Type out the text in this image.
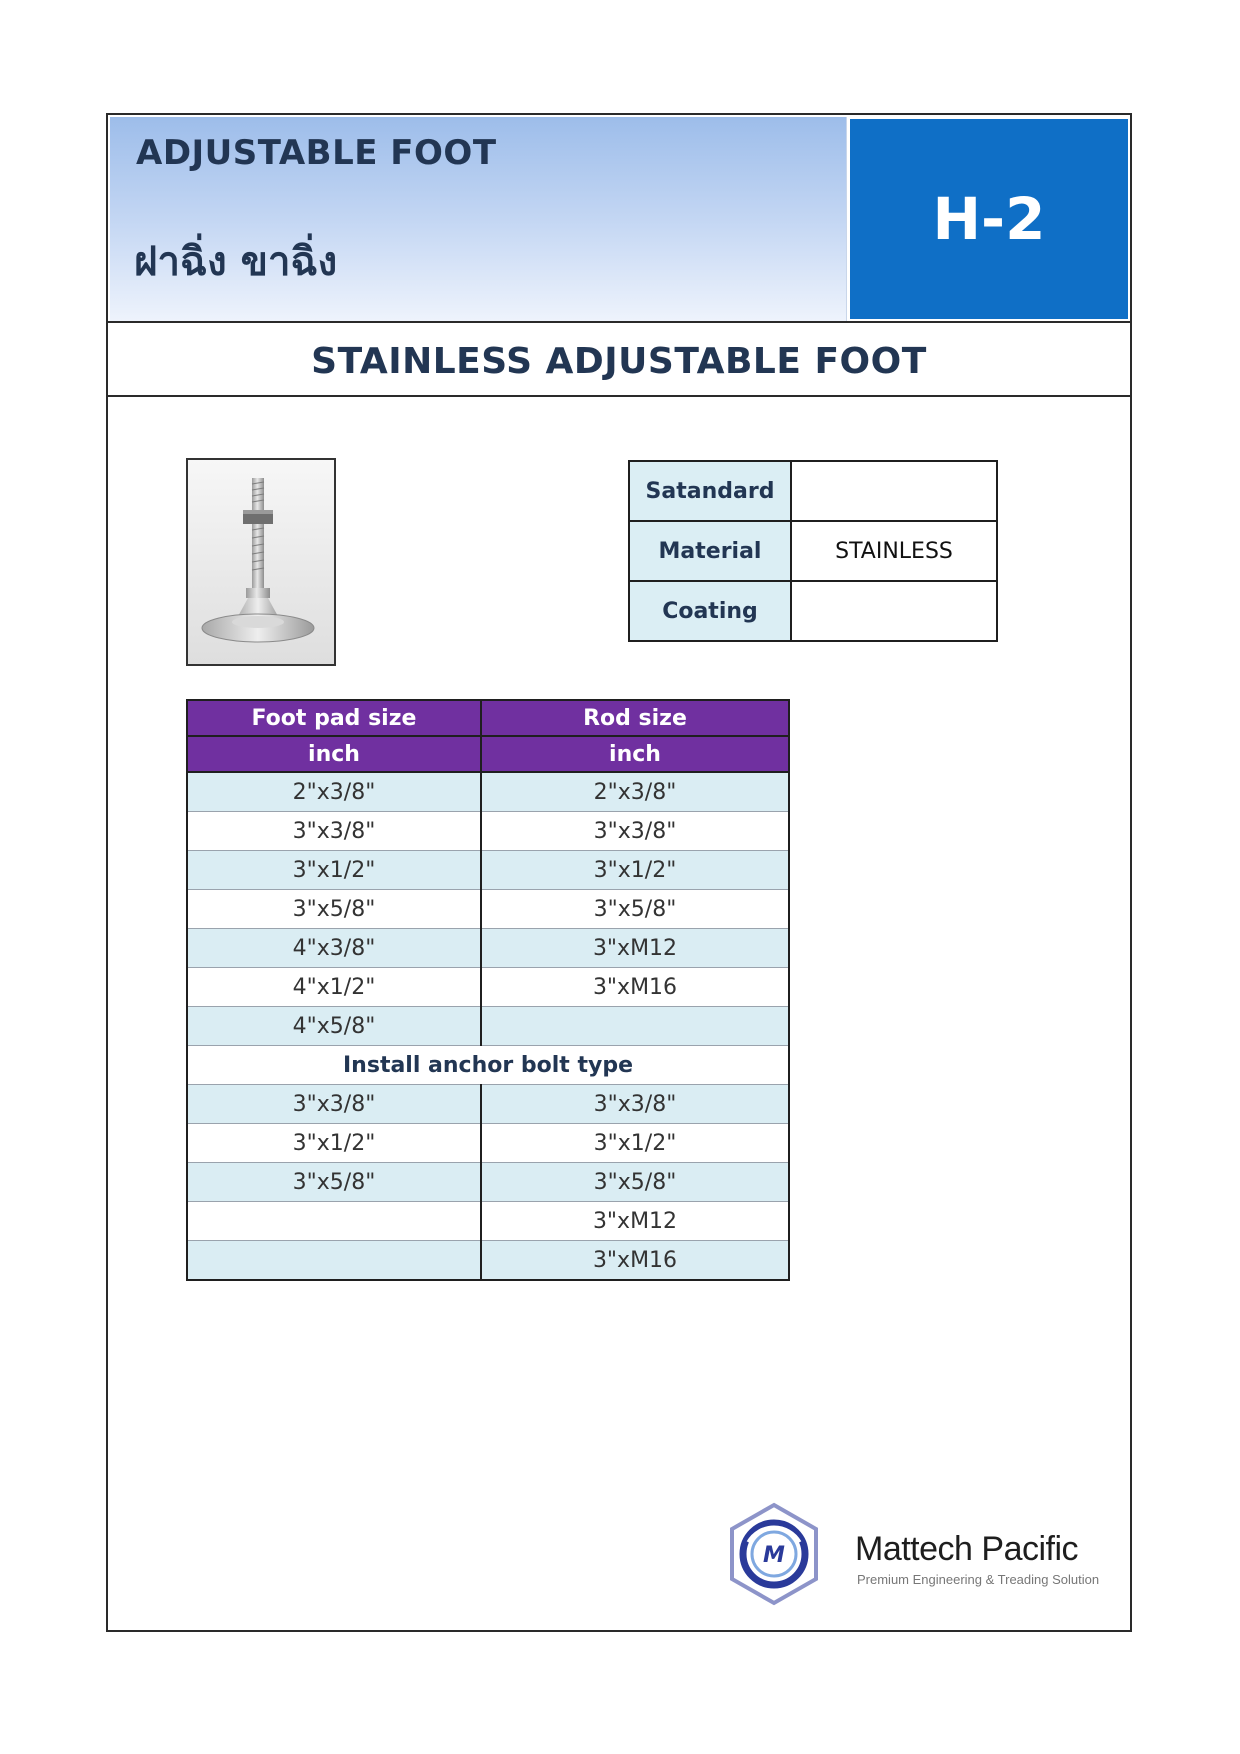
ADJUSTABLE FOOT
ฝาฉิ่ง ขาฉิ่ง
H-2
STAINLESS ADJUSTABLE FOOT
Satandard	
Material	STAINLESS
Coating	
Foot pad size	Rod size
inch	inch
2"x3/8"	2"x3/8"
3"x3/8"	3"x3/8"
3"x1/2"	3"x1/2"
3"x5/8"	3"x5/8"
4"x3/8"	3"xM12
4"x1/2"	3"xM16
4"x5/8"	
Install anchor bolt type	
3"x3/8"	3"x3/8"
3"x1/2"	3"x1/2"
3"x5/8"	3"x5/8"
	3"xM12
	3"xM16
M Mattech Pacific
Premium Engineering & Treading Solution
